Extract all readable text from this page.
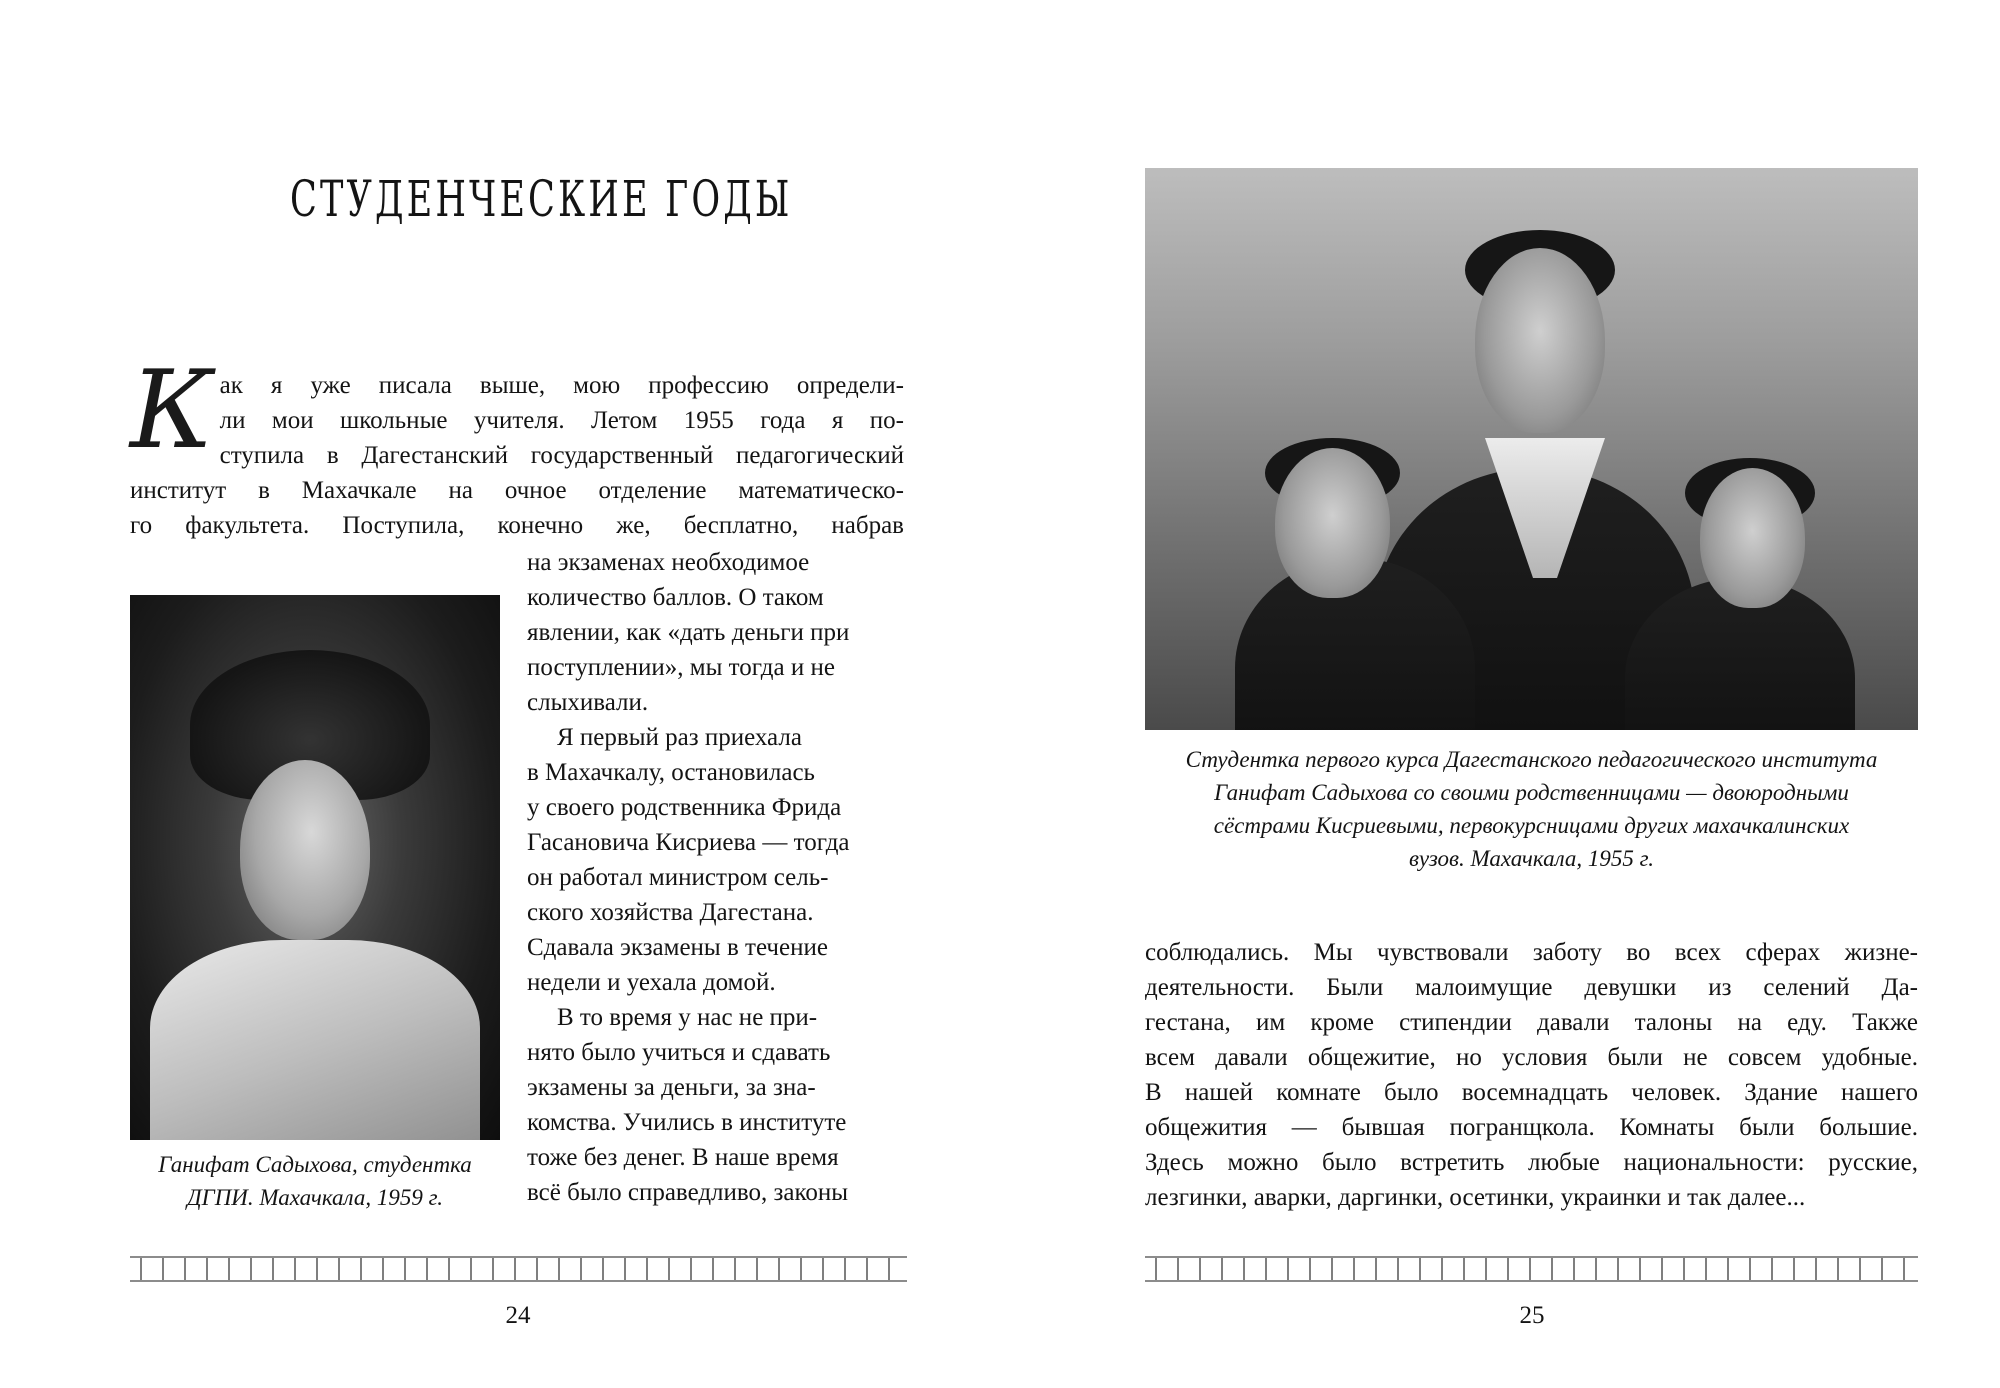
СТУДЕНЧЕСКИЕ ГОДЫ
К ак я уже писала выше, мою профессию определи-
ли мои школьные учителя. Летом 1955 года я по-
ступила в Дагестанский государственный педагогический
институт в Махачкале на очное отделение математическо-
го факультета. Поступила, конечно же, бесплатно, набрав
Ганифат Садыхова, студентка
ДГПИ. Махачкала, 1959 г.
на экзаменах необходимое
количество баллов. О таком
явлении, как «дать деньги при
поступлении», мы тогда и не
слыхивали.
Я первый раз приехала
в Махачкалу, остановилась
у своего родственника Фрида
Гасановича Кисриева — тогда
он работал министром сель-
ского хозяйства Дагестана.
Сдавала экзамены в течение
недели и уехала домой.
В то время у нас не при-
нято было учиться и сдавать
экзамены за деньги, за зна-
комства. Учились в институте
тоже без денег. В наше время
всё было справедливо, законы
24
Студентка первого курса Дагестанского педагогического института
Ганифат Садыхова со своими родственницами — двоюродными
сёстрами Кисриевыми, первокурсницами других махачкалинских
вузов. Махачкала, 1955 г.
соблюдались. Мы чувствовали заботу во всех сферах жизне-
деятельности. Были малоимущие девушки из селений Да-
гестана, им кроме стипендии давали талоны на еду. Также
всем давали общежитие, но условия были не совсем удобные.
В нашей комнате было восемнадцать человек. Здание нашего
общежития — бывшая погранщкола. Комнаты были большие.
Здесь можно было встретить любые национальности: русские,
лезгинки, аварки, даргинки, осетинки, украинки и так далее...
25
